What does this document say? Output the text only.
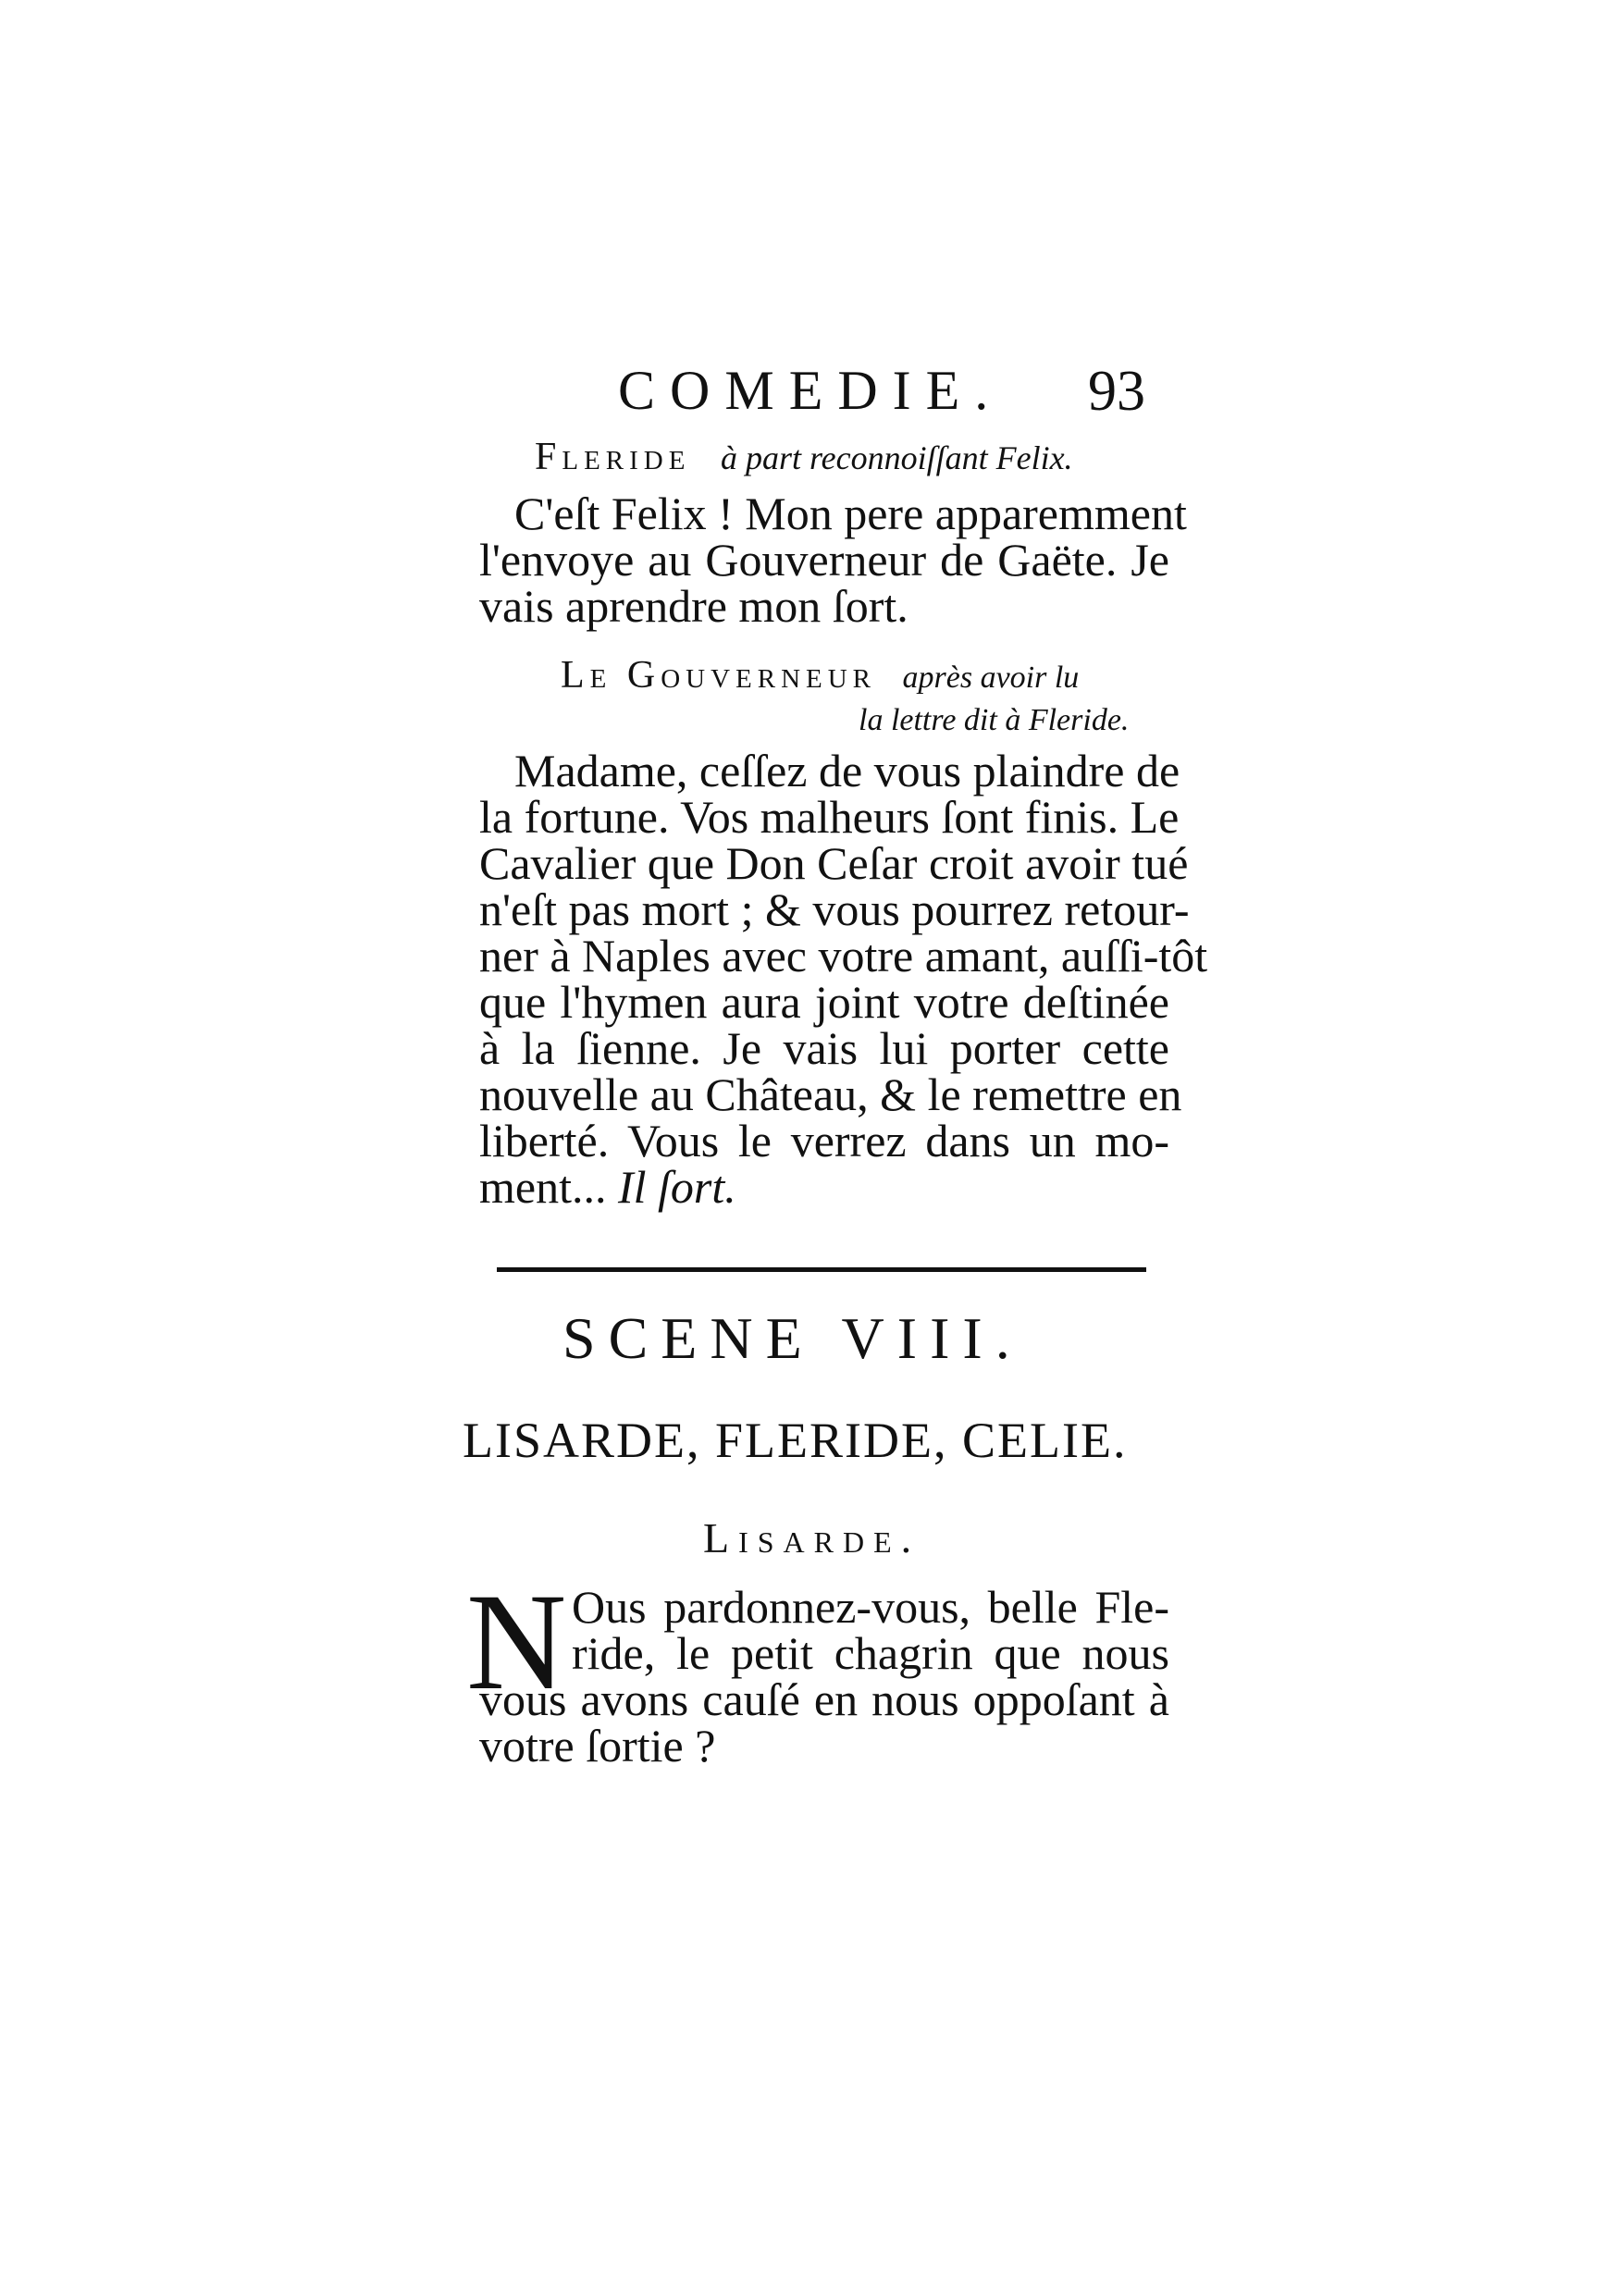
COMEDIE. 93
Fleride à part reconnoiſſant Felix.
C'eſt Felix ! Mon pere apparemment
l'envoye au Gouverneur de Gaëte. Je
vais aprendre mon ſort.
Le Gouverneur après avoir lu
la lettre dit à Fleride.
Madame, ceſſez de vous plaindre de
la fortune. Vos malheurs ſont finis. Le
Cavalier que Don Ceſar croit avoir tué
n'eſt pas mort ; & vous pourrez retour-
ner à Naples avec votre amant, auſſi-tôt
que l'hymen aura joint votre deſtinée
à la ſienne. Je vais lui porter cette
nouvelle au Château, & le remettre en
liberté. Vous le verrez dans un mo-
ment... Il ſort.
SCENE VIII.
LISARDE, FLERIDE, CELIE.
Lisarde.
N Ous pardonnez-vous, belle Fle-
ride, le petit chagrin que nous
vous avons cauſé en nous oppoſant à
votre ſortie ?
